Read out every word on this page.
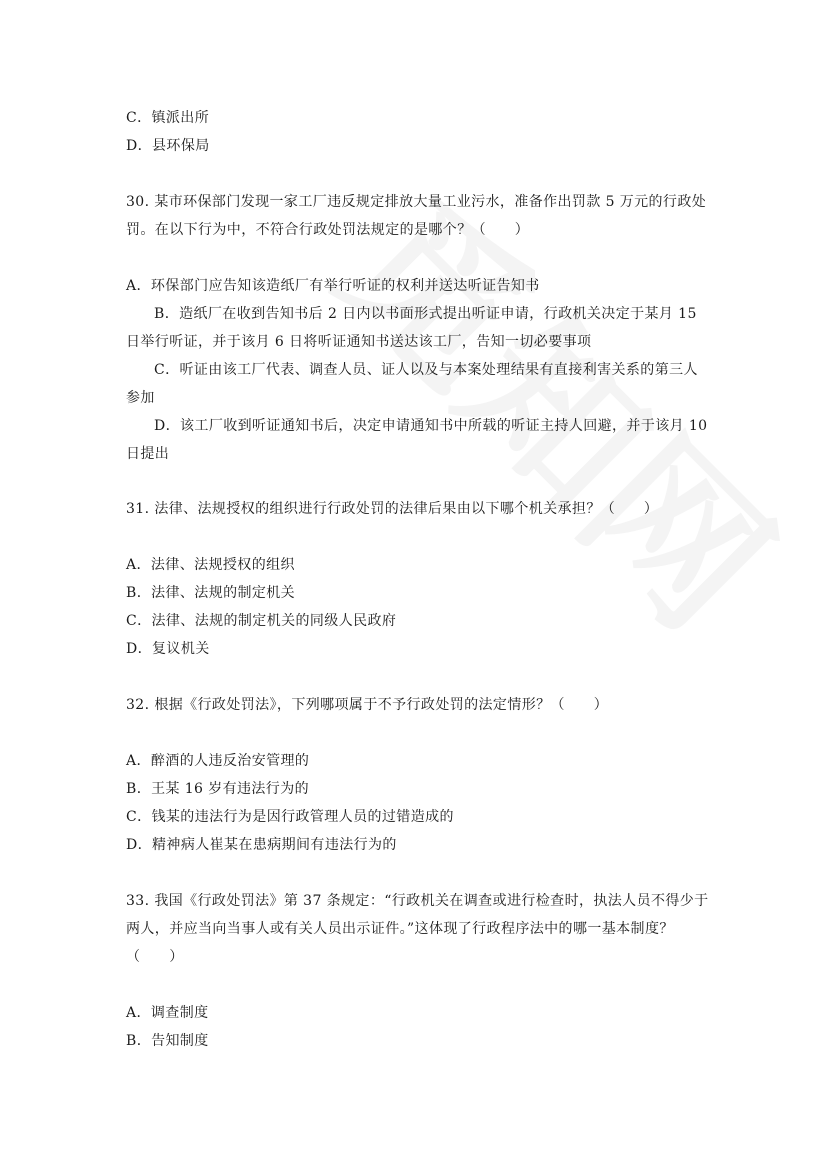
C．镇派出所
D．县环保局
30. 某市环保部门发现一家工厂违反规定排放大量工业污水，准备作出罚款 5 万元的行政处
罚。在以下行为中，不符合行政处罚法规定的是哪个？（　　）
A．环保部门应告知该造纸厂有举行听证的权利并送达听证告知书
B．造纸厂在收到告知书后 2 日内以书面形式提出听证申请，行政机关决定于某月 15
日举行听证，并于该月 6 日将听证通知书送达该工厂，告知一切必要事项
C．听证由该工厂代表、调查人员、证人以及与本案处理结果有直接利害关系的第三人
参加
D．该工厂收到听证通知书后，决定申请通知书中所载的听证主持人回避，并于该月 10
日提出
31. 法律、法规授权的组织进行行政处罚的法律后果由以下哪个机关承担？（　　）
A．法律、法规授权的组织
B．法律、法规的制定机关
C．法律、法规的制定机关的同级人民政府
D．复议机关
32. 根据《行政处罚法》，下列哪项属于不予行政处罚的法定情形？（　　）
A．醉酒的人违反治安管理的
B．王某 16 岁有违法行为的
C．钱某的违法行为是因行政管理人员的过错造成的
D．精神病人崔某在患病期间有违法行为的
33. 我国《行政处罚法》第 37 条规定：“行政机关在调查或进行检查时，执法人员不得少于
两人，并应当向当事人或有关人员出示证件。”这体现了行政程序法中的哪一基本制度？
（　　）
A．调查制度
B．告知制度
